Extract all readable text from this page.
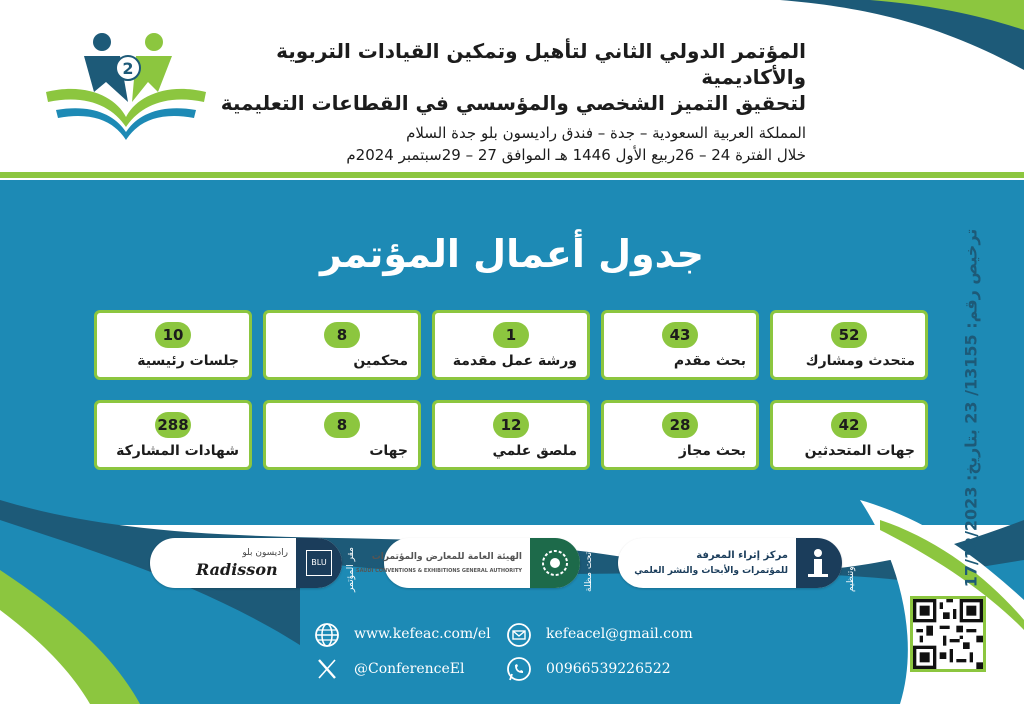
2
المؤتمر الدولي الثاني لتأهيل وتمكين القيادات التربوية والأكاديمية
لتحقيق التميز الشخصي والمؤسسي في القطاعات التعليمية
المملكة العربية السعودية – جدة – فندق راديسون بلو جدة السلام
خلال الفترة 24 – 26ربيع الأول 1446 هـ الموافق 27 – 29سبتمبر 2024م
جدول أعمال المؤتمر
52
متحدث ومشارك
43
بحث مقدم
1
ورشة عمل مقدمة
8
محكمين
10
جلسات رئيسية
42
جهات المتحدثين
28
بحث مجاز
12
ملصق علمي
8
جهات
288
شهادات المشاركة
ترخيص رقم: 13155/ 23 بتاريخ: 17/12/2023
مركز إثراء المعرفة
للمؤتمرات والأبحاث والنشر العلمي	إدارة وتنظيم
الهيئة العامة للمعارض والمؤتمرات
SAUDI CONVENTIONS & EXHIBITIONS GENERAL AUTHORITY	تحت مظلة
BLU
راديسون بلو
Radisson	مقر المؤتمر
www.kefeac.com/el	kefeacel@gmail.com
@ConferenceEl	00966539226522
